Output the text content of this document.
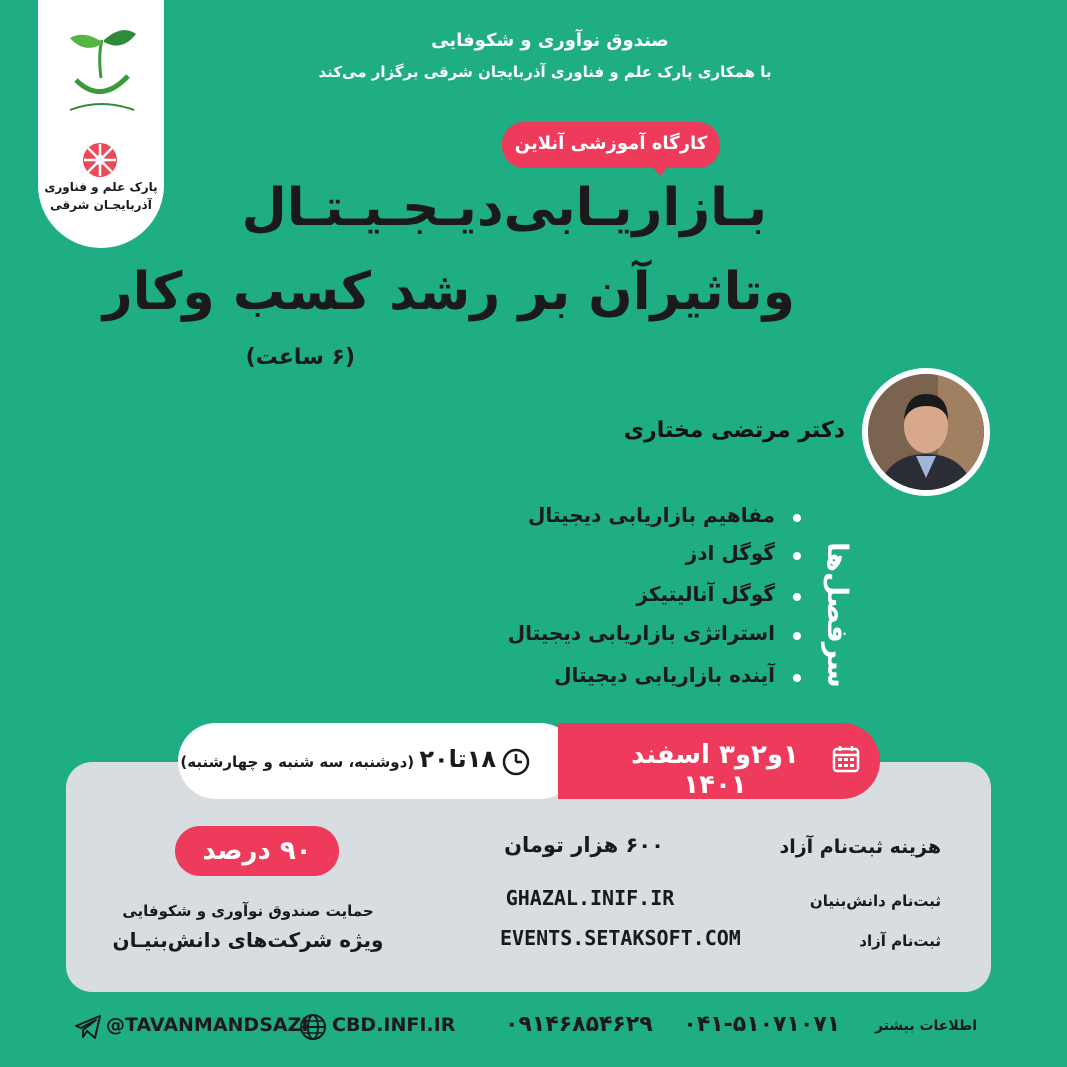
پارک علم و فناوری
آذربایجـان شرقی
صندوق نوآوری و شکوفایی
با همکاری پارک علم و فناوری آذربایجان شرقی برگزار می‌کند
کارگاه آموزشی آنلاین
بـازاریـابی‌دیـجـیـتـال
وتاثیرآن بر رشد کسب وکار
(۶ ساعت)
دکتر مرتضی مختاری
مفاهیم بازاریابی دیجیتال
گوگل ادز
گوگل آنالیتیکز
استراتژی بازاریابی دیجیتال
آینده بازاریابی دیجیتال	سرفصل‌ها
۱و۲و۳ اسفند ۱۴۰۱
۱۸تا۲۰ (دوشنبه، سه شنبه و چهارشنبه)
۹۰ درصد
حمایت صندوق نوآوری و شکوفایی
ویژه شرکت‌های دانش‌بنیـان
۶۰۰ هزار تومان
GHAZAL.INIF.IR
EVENTS.SETAKSOFT.COM
هزینه ثبت‌نام آزاد
ثبت‌نام دانش‌بنیان
ثبت‌نام آزاد
@TAVANMANDSAZI CBD.INFI.IR ۰۹۱۴۶۸۵۴۶۲۹ ۰۴۱-۵۱۰۷۱۰۷۱ اطلاعات بیشتر
